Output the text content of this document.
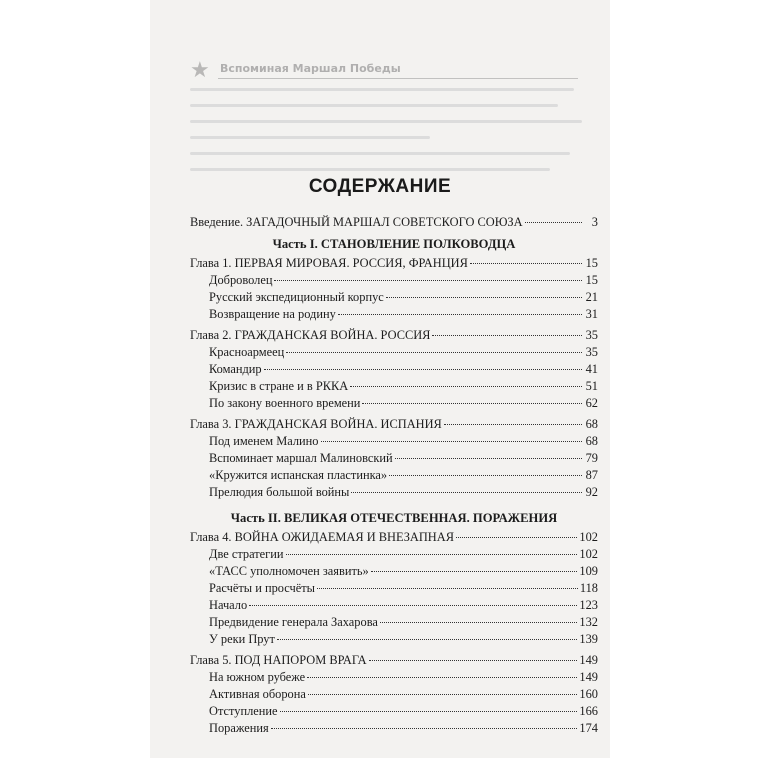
★ Вспоминая Маршал Победы
СОДЕРЖАНИЕ
Введение. ЗАГАДОЧНЫЙ МАРШАЛ СОВЕТСКОГО СОЮЗА	3
Часть I. СТАНОВЛЕНИЕ ПОЛКОВОДЦА
Глава 1. ПЕРВАЯ МИРОВАЯ. РОССИЯ, ФРАНЦИЯ	15
Доброволец	15
Русский экспедиционный корпус	21
Возвращение на родину	31
Глава 2. ГРАЖДАНСКАЯ ВОЙНА. РОССИЯ	35
Красноармеец	35
Командир	41
Кризис в стране и в РККА	51
По закону военного времени	62
Глава 3. ГРАЖДАНСКАЯ ВОЙНА. ИСПАНИЯ	68
Под именем Малино	68
Вспоминает маршал Малиновский	79
«Кружится испанская пластинка»	87
Прелюдия большой войны	92
Часть II. ВЕЛИКАЯ ОТЕЧЕСТВЕННАЯ. ПОРАЖЕНИЯ
Глава 4. ВОЙНА ОЖИДАЕМАЯ И ВНЕЗАПНАЯ	102
Две стратегии	102
«ТАСС уполномочен заявить»	109
Расчёты и просчёты	118
Начало	123
Предвидение генерала Захарова	132
У реки Прут	139
Глава 5. ПОД НАПОРОМ ВРАГА	149
На южном рубеже	149
Активная оборона	160
Отступление	166
Поражения	174
